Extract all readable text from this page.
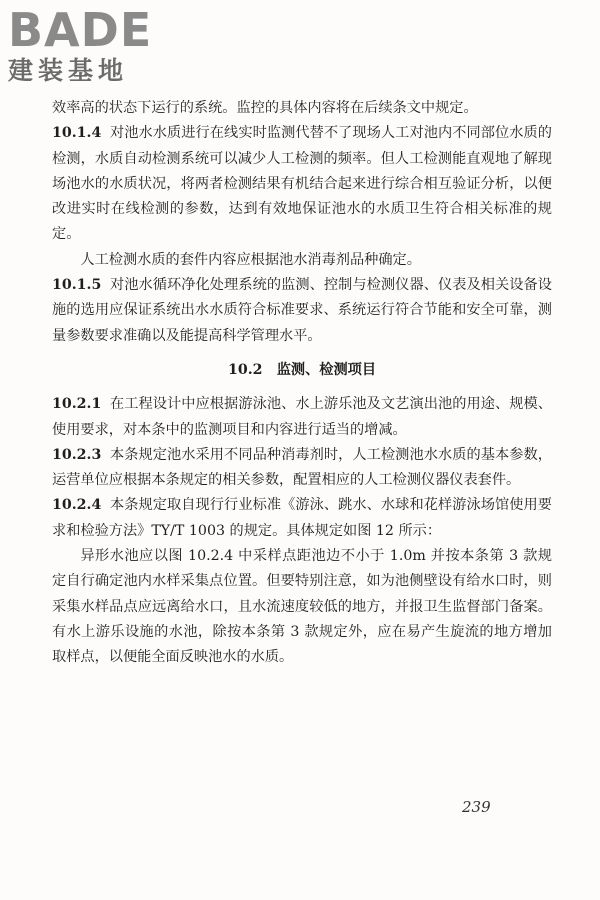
BADE
建装基地

效率高的状态下运行的系统。监控的具体内容将在后续条文中规定。

10.1.4 对池水水质进行在线实时监测代替不了现场人工对池内不同部位水质的检测，水质自动检测系统可以减少人工检测的频率。但人工检测能直观地了解现场池水的水质状况，将两者检测结果有机结合起来进行综合相互验证分析，以便改进实时在线检测的参数，达到有效地保证池水的水质卫生符合相关标准的规定。

人工检测水质的套件内容应根据池水消毒剂品种确定。

10.1.5 对池水循环净化处理系统的监测、控制与检测仪器、仪表及相关设备设施的选用应保证系统出水水质符合标准要求、系统运行符合节能和安全可靠，测量参数要求准确以及能提高科学管理水平。

10.2 监测、检测项目

10.2.1 在工程设计中应根据游泳池、水上游乐池及文艺演出池的用途、规模、使用要求，对本条中的监测项目和内容进行适当的增减。

10.2.3 本条规定池水采用不同品种消毒剂时，人工检测池水水质的基本参数，运营单位应根据本条规定的相关参数，配置相应的人工检测仪器仪表套件。

10.2.4 本条规定取自现行行业标准《游泳、跳水、水球和花样游泳场馆使用要求和检验方法》TY/T 1003 的规定。具体规定如图 12 所示：

异形水池应以图 10.2.4 中采样点距池边不小于 1.0m 并按本条第 3 款规定自行确定池内水样采集点位置。但要特别注意，如为池侧壁设有给水口时，则采集水样品点应远离给水口，且水流速度较低的地方，并报卫生监督部门备案。有水上游乐设施的水池，除按本条第 3 款规定外，应在易产生旋流的地方增加取样点，以便能全面反映池水的水质。

239
